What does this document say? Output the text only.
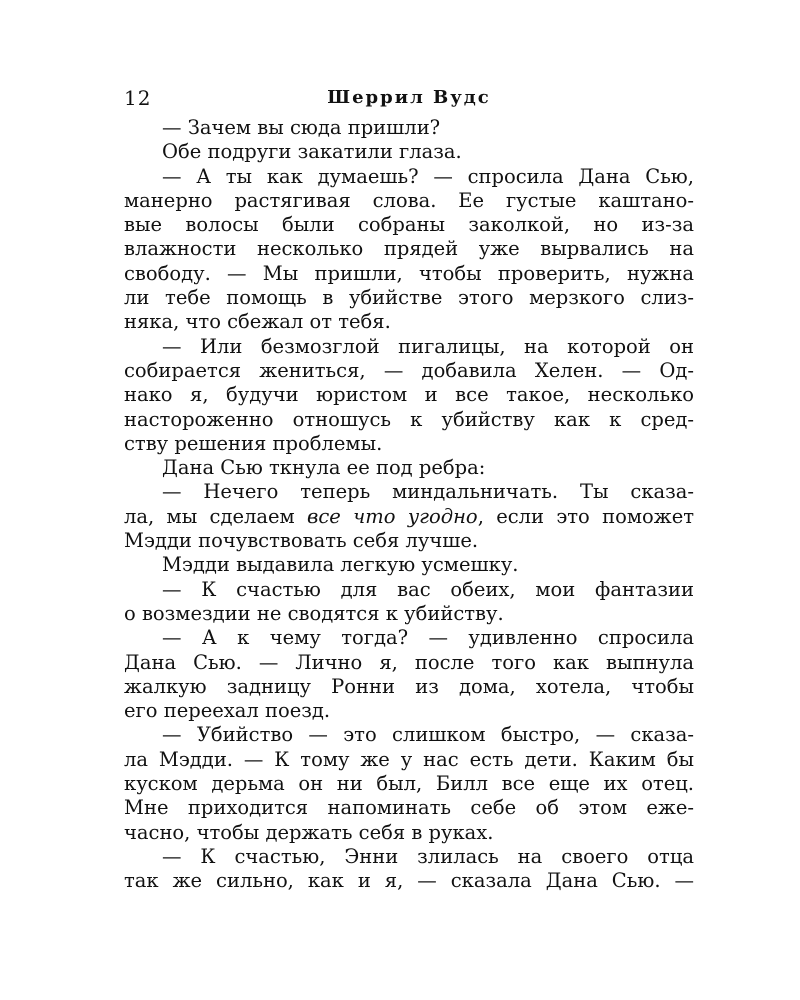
12	Шеррил Вудс
— Зачем вы сюда пришли?
Обе подруги закатили глаза.
— А ты как думаешь? — спросила Дана Сью,
манерно растягивая слова. Ее густые каштано-
вые волосы были собраны заколкой, но из-за
влажности несколько прядей уже вырвались на
свободу. — Мы пришли, чтобы проверить, нужна
ли тебе помощь в убийстве этого мерзкого слиз-
няка, что сбежал от тебя.
— Или безмозглой пигалицы, на которой он
собирается жениться, — добавила Хелен. — Од-
нако я, будучи юристом и все такое, несколько
настороженно отношусь к убийству как к сред-
ству решения проблемы.
Дана Сью ткнула ее под ребра:
— Нечего теперь миндальничать. Ты сказа-
ла, мы сделаем все что угодно, если это поможет
Мэдди почувствовать себя лучше.
Мэдди выдавила легкую усмешку.
— К счастью для вас обеих, мои фантазии
о возмездии не сводятся к убийству.
— А к чему тогда? — удивленно спросила
Дана Сью. — Лично я, после того как выпнула
жалкую задницу Ронни из дома, хотела, чтобы
его переехал поезд.
— Убийство — это слишком быстро, — сказа-
ла Мэдди. — К тому же у нас есть дети. Каким бы
куском дерьма он ни был, Билл все еще их отец.
Мне приходится напоминать себе об этом еже-
часно, чтобы держать себя в руках.
— К счастью, Энни злилась на своего отца
так же сильно, как и я, — сказала Дана Сью. —
